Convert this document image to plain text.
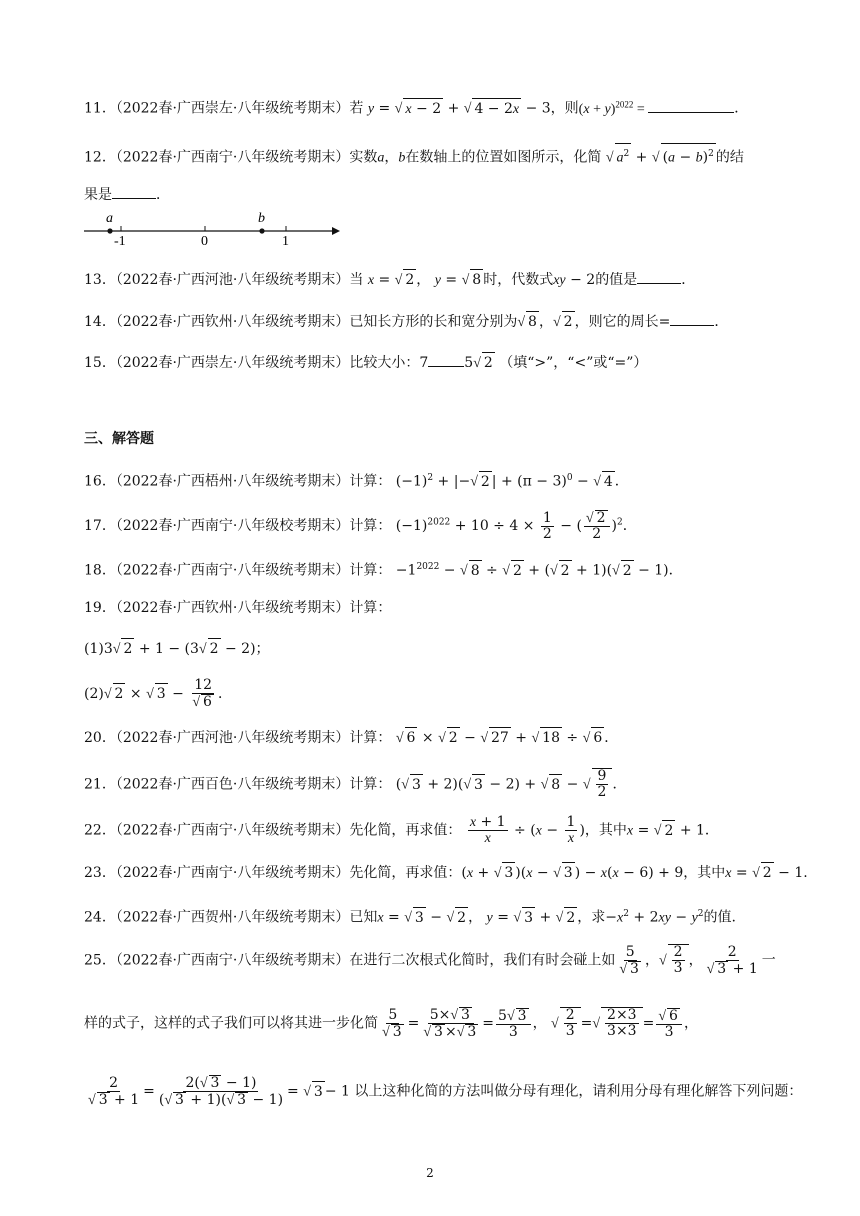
11．（2022春·广西崇左·八年级统考期末）若 y = √ x − 2 + √ 4 − 2x − 3，则$(x + y)^{2022}$ =	．
12．（2022春·广西南宁·八年级统考期末）实数a，b在数轴上的位置如图所示，化简 √ $a^2$ + √ $(a - b)^2$ 的结
果是	．
a	b
-1	0	1
13．（2022春·广西河池·八年级统考期末）当 x = √ 2 ， y = √ 8 时，代数式xy − 2的值是	．
14．（2022春·广西钦州·八年级统考期末）已知长方形的长和宽分别为√ 8 ，√ 2 ，则它的周长=	．
15．（2022春·广西崇左·八年级统考期末）比较大小：7	5√ 2 （填“>”，“<”或“=”）
三、解答题
16．（2022春·广西梧州·八年级统考期末）计算： $(-1)^2$ + |−√ 2 | + $(\pi - 3)^0$ − √ 4 ．
17．（2022春·广西南宁·八年级校考期末）计算： $(-1)^{2022} + 10 \div 4 \times \frac{1}{2}$ − ( $\frac{√ 2}{2} )^2$．
18．（2022春·广西南宁·八年级统考期末）计算： $-1^{2022}$ − √ 8 ÷ √ 2 + (√ 2 + 1)(√ 2 − 1)．
19．（2022春·广西钦州·八年级统考期末）计算：
(1)3√ 2 + 1 − (3√ 2 − 2)；
(2)√ 2 × √ $3 - \frac{12}{√ 6}$ ．
20．（2022春·广西河池·八年级统考期末）计算： √ 6 × √ 2 − √ 27 + √ 18 ÷ √ 6 ．
21．（2022春·广西百色·八年级统考期末）计算： (√ 3 + 2)(√ 3 − 2) + √ 8 − √ $\frac{9}{2}$ ．
22．（2022春·广西南宁·八年级统考期末）先化简，再求值： $\frac{x + 1}{x} \div (x - \frac{1}{x}$ )，其中x = √ 2 + 1．
23．（2022春·广西南宁·八年级统考期末）先化简，再求值：(x + √ 3 )(x − √ 3 ) − x(x − 6) + 9，其中x = √ 2 − 1.
24．（2022春·广西贺州·八年级统考期末）已知x = √ 3 − √ 2 ， y = √ 3 + √ 2 ，求$-x^2 + 2xy - y^2$的值.
25．（2022春·广西南宁·八年级统考期末）在进行二次根式化简时，我们有时会碰上如 $\frac{5}{√ 3}$ ，√ $\frac{2}{3}$ ， $\frac{2}{√ 3 + 1}$ 一
样的式子，这样的式子我们可以将其进一步化简 $\frac{5}{√ 3} = \frac{5\times√ 3}{√ 3 \times√ 3} = \frac{5√ 3}{3}$ ， √ $\frac{2}{3}$ =√ $\frac{2\times 3}{3\times 3} = \frac{√ 6}{3}$ ，
$\frac{2}{√ 3 + 1} = \frac{2(√ 3 - 1)}{(√ 3 + 1)(√ 3 - 1)}$ = √ 3 − 1 以上这种化简的方法叫做分母有理化，请利用分母有理化解答下列问题：
2
